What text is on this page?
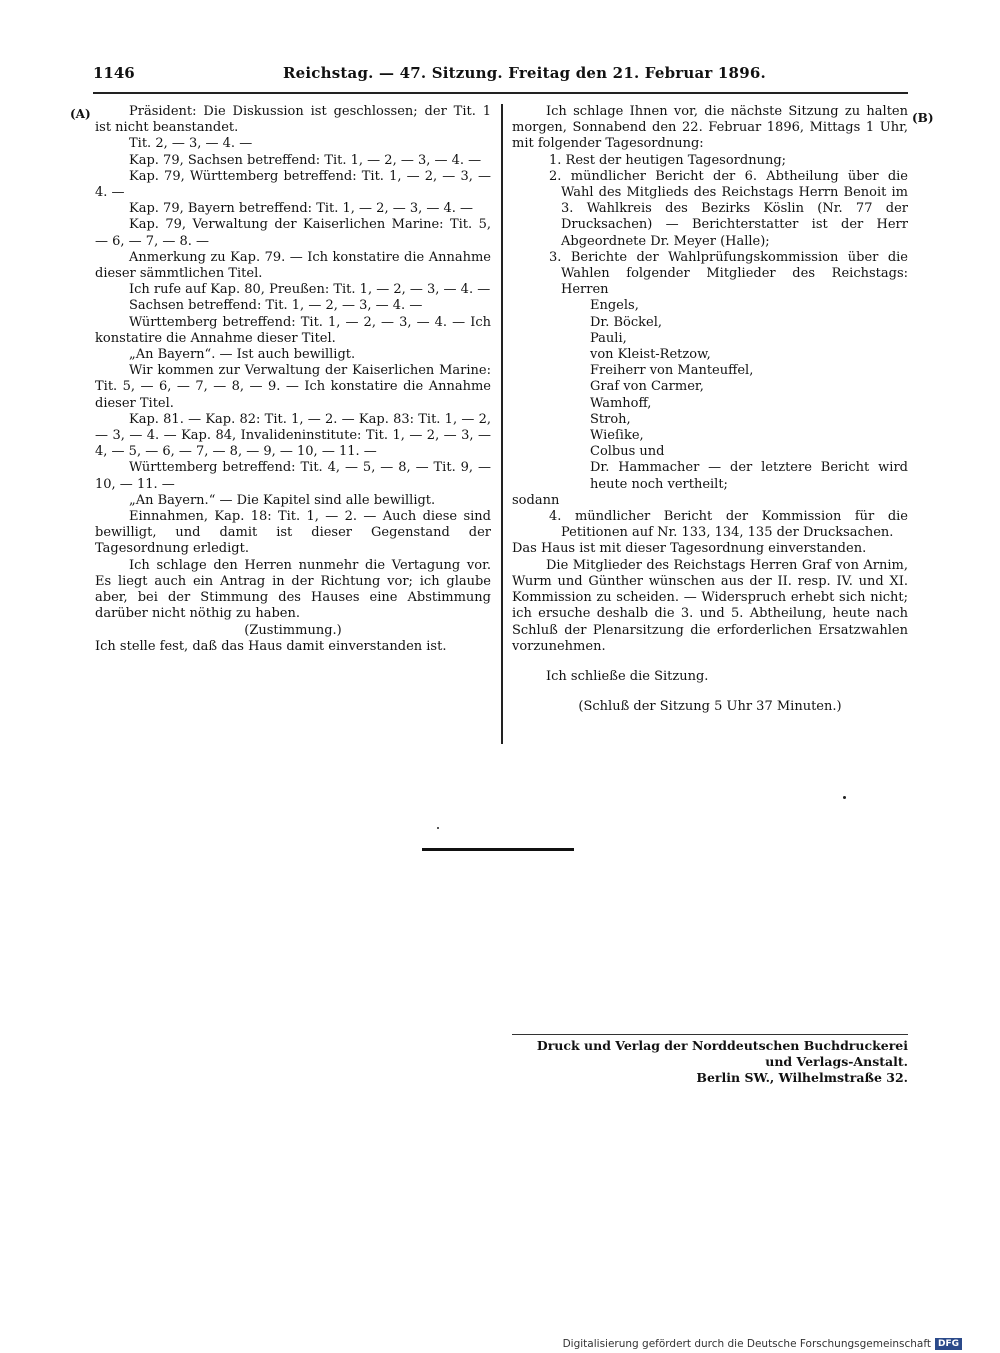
1146	Reichstag. — 47. Sitzung. Freitag den 21. Februar 1896.
(A)	(B)

Präsident: Die Diskussion ist geschlossen; der Tit. 1 ist nicht beanstandet.

Tit. 2, — 3, — 4. —

Kap. 79, Sachsen betreffend: Tit. 1, — 2, — 3, — 4. —

Kap. 79, Württemberg betreffend: Tit. 1, — 2, — 3, — 4. —

Kap. 79, Bayern betreffend: Tit. 1, — 2, — 3, — 4. —

Kap. 79, Verwaltung der Kaiserlichen Marine: Tit. 5, — 6, — 7, — 8. —

Anmerkung zu Kap. 79. — Ich konstatire die Annahme dieser sämmtlichen Titel.

Ich rufe auf Kap. 80, Preußen: Tit. 1, — 2, — 3, — 4. —

Sachsen betreffend: Tit. 1, — 2, — 3, — 4. —

Württemberg betreffend: Tit. 1, — 2, — 3, — 4. — Ich konstatire die Annahme dieser Titel.

„An Bayern“. — Ist auch bewilligt.

Wir kommen zur Verwaltung der Kaiserlichen Marine: Tit. 5, — 6, — 7, — 8, — 9. — Ich konstatire die Annahme dieser Titel.

Kap. 81. — Kap. 82: Tit. 1, — 2. — Kap. 83: Tit. 1, — 2, — 3, — 4. — Kap. 84, Invalideninstitute: Tit. 1, — 2, — 3, — 4, — 5, — 6, — 7, — 8, — 9, — 10, — 11. —

Württemberg betreffend: Tit. 4, — 5, — 8, — Tit. 9, — 10, — 11. —

„An Bayern.“ — Die Kapitel sind alle bewilligt.

Einnahmen, Kap. 18: Tit. 1, — 2. — Auch diese sind bewilligt, und damit ist dieser Gegenstand der Tagesordnung erledigt.

Ich schlage den Herren nunmehr die Vertagung vor. Es liegt auch ein Antrag in der Richtung vor; ich glaube aber, bei der Stimmung des Hauses eine Abstimmung darüber nicht nöthig zu haben.

(Zustimmung.)

Ich stelle fest, daß das Haus damit einverstanden ist.

Ich schlage Ihnen vor, die nächste Sitzung zu halten morgen, Sonnabend den 22. Februar 1896, Mittags 1 Uhr, mit folgender Tagesordnung:

1. Rest der heutigen Tagesordnung;
2. mündlicher Bericht der 6. Abtheilung über die Wahl des Mitglieds des Reichstags Herrn Benoit im 3. Wahlkreis des Bezirks Köslin (Nr. 77 der Drucksachen) — Berichterstatter ist der Herr Abgeordnete Dr. Meyer (Halle);
3. Berichte der Wahlprüfungskommission über die Wahlen folgender Mitglieder des Reichstags: Herren
Engels,
Dr. Böckel,
Pauli,
von Kleist-Retzow,
Freiherr von Manteuffel,
Graf von Carmer,
Wamhoff,
Stroh,
Wieſike,
Colbus und
Dr. Hammacher — der letztere Bericht wird heute noch vertheilt;

sodann

4. mündlicher Bericht der Kommission für die Petitionen auf Nr. 133, 134, 135 der Drucksachen.

Das Haus ist mit dieser Tagesordnung einverstanden.

Die Mitglieder des Reichstags Herren Graf von Arnim, Wurm und Günther wünschen aus der II. resp. IV. und XI. Kommission zu scheiden. — Widerspruch erhebt sich nicht; ich ersuche deshalb die 3. und 5. Abtheilung, heute nach Schluß der Plenarsitzung die erforderlichen Ersatzwahlen vorzunehmen.

Ich schließe die Sitzung.

(Schluß der Sitzung 5 Uhr 37 Minuten.)

Druck und Verlag der Norddeutschen Buchdruckerei und Verlags-Anstalt.
Berlin SW., Wilhelmstraße 32.
Digitalisierung gefördert durch die Deutsche Forschungsgemeinschaft DFG
